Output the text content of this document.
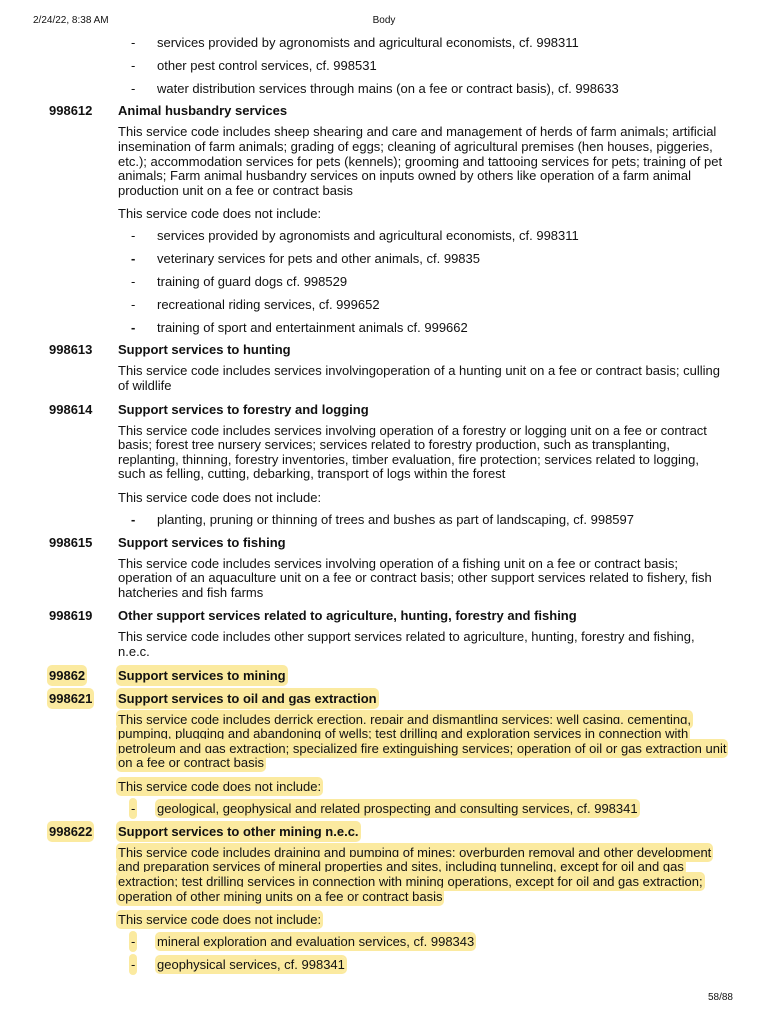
2/24/22, 8:38 AM	Body
- services provided by agronomists and agricultural economists, cf. 998311
- other pest control services, cf. 998531
- water distribution services through mains (on a fee or contract basis), cf. 998633
998612 Animal husbandry services
This service code includes sheep shearing and care and management of herds of farm animals; artificial insemination of farm animals; grading of eggs; cleaning of agricultural premises (hen houses, piggeries, etc.); accommodation services for pets (kennels); grooming and tattooing services for pets; training of pet animals; Farm animal husbandry services on inputs owned by others like operation of a farm animal production unit on a fee or contract basis
This service code does not include:
- services provided by agronomists and agricultural economists, cf. 998311
- veterinary services for pets and other animals, cf. 99835
- training of guard dogs cf. 998529
- recreational riding services, cf. 999652
- training of sport and entertainment animals cf. 999662
998613 Support services to hunting
This service code includes services involvingoperation of a hunting unit on a fee or contract basis; culling of wildlife
998614 Support services to forestry and logging
This service code includes services involving operation of a forestry or logging unit on a fee or contract basis; forest tree nursery services; services related to forestry production, such as transplanting, replanting, thinning, forestry inventories, timber evaluation, fire protection; services related to logging, such as felling, cutting, debarking, transport of logs within the forest
This service code does not include:
- planting, pruning or thinning of trees and bushes as part of landscaping, cf. 998597
998615 Support services to fishing
This service code includes services involving operation of a fishing unit on a fee or contract basis; operation of an aquaculture unit on a fee or contract basis; other support services related to fishery, fish hatcheries and fish farms
998619 Other support services related to agriculture, hunting, forestry and fishing
This service code includes other support services related to agriculture, hunting, forestry and fishing, n.e.c.
99862	Support services to mining
998621 Support services to oil and gas extraction
This service code includes derrick erection, repair and dismantling services; well casing, cementing, pumping, plugging and abandoning of wells; test drilling and exploration services in connection with petroleum and gas extraction; specialized fire extinguishing services; operation of oil or gas extraction unit on a fee or contract basis
This service code does not include:
- geological, geophysical and related prospecting and consulting services, cf. 998341
998622 Support services to other mining n.e.c.
This service code includes draining and pumping of mines; overburden removal and other development and preparation services of mineral properties and sites, including tunneling, except for oil and gas extraction; test drilling services in connection with mining operations, except for oil and gas extraction; operation of other mining units on a fee or contract basis
This service code does not include:
- mineral exploration and evaluation services, cf. 998343
- geophysical services, cf. 998341
58/88
